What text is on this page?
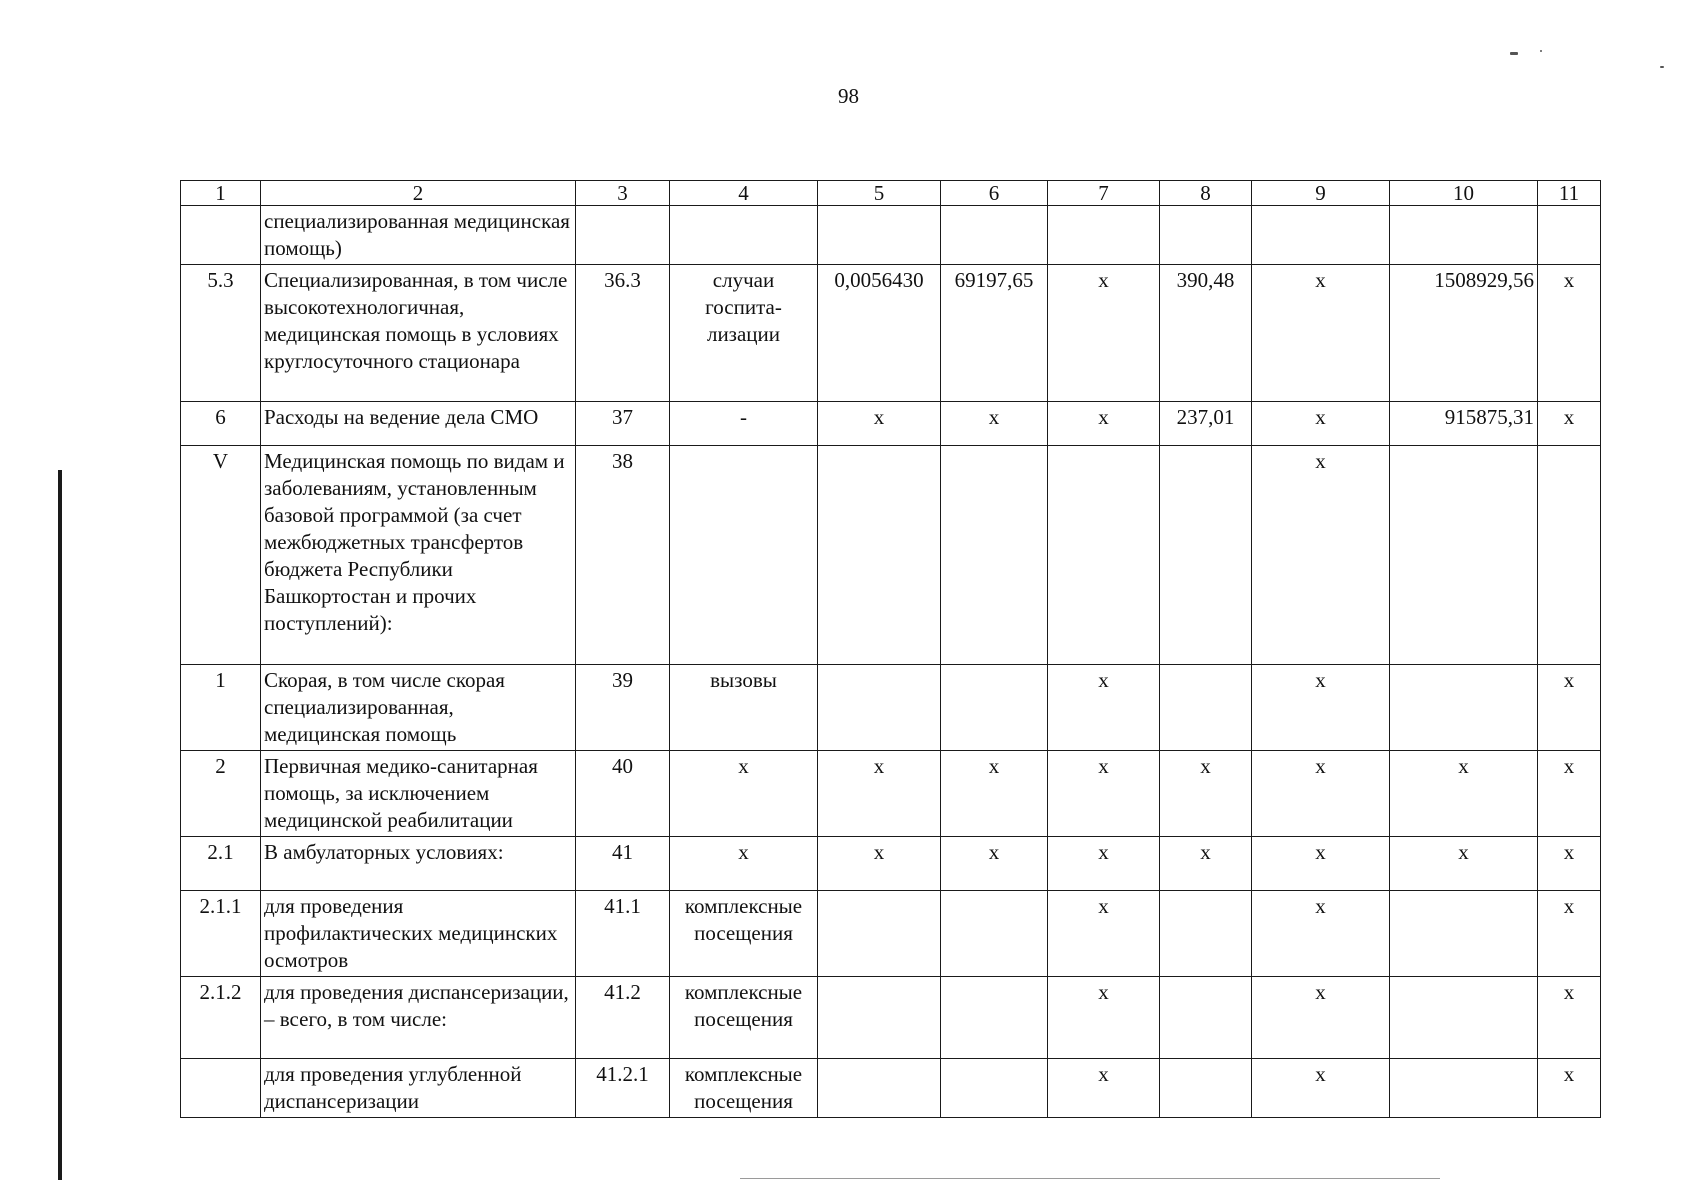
98
1	2	3	4	5	6	7	8	9	10	11
	специализированная медицинская помощь)									
5.3	Специализированная, в том числе высокотехнологичная, медицинская помощь в условиях круглосуточного стационара	36.3	случаи госпита-лизации	0,0056430	69197,65	х	390,48	х	1508929,56	х
6	Расходы на ведение дела СМО	37	-	х	х	х	237,01	х	915875,31	х
V	Медицинская помощь по видам и заболеваниям, установленным базовой программой (за счет межбюджетных трансфертов бюджета Республики Башкортостан и прочих поступлений):	38						х		
1	Скорая, в том числе скорая специализированная, медицинская помощь	39	вызовы			х		х		х
2	Первичная медико-санитарная помощь, за исключением медицинской реабилитации	40	х	х	х	х	х	х	х	х
2.1	В амбулаторных условиях:	41	х	х	х	х	х	х	х	х
2.1.1	для проведения профилактических медицинских осмотров	41.1	комплексные посещения			х		х		х
2.1.2	для проведения диспансеризации, – всего, в том числе:	41.2	комплексные посещения			х		х		х
	для проведения углубленной диспансеризации	41.2.1	комплексные посещения			х		х		х
